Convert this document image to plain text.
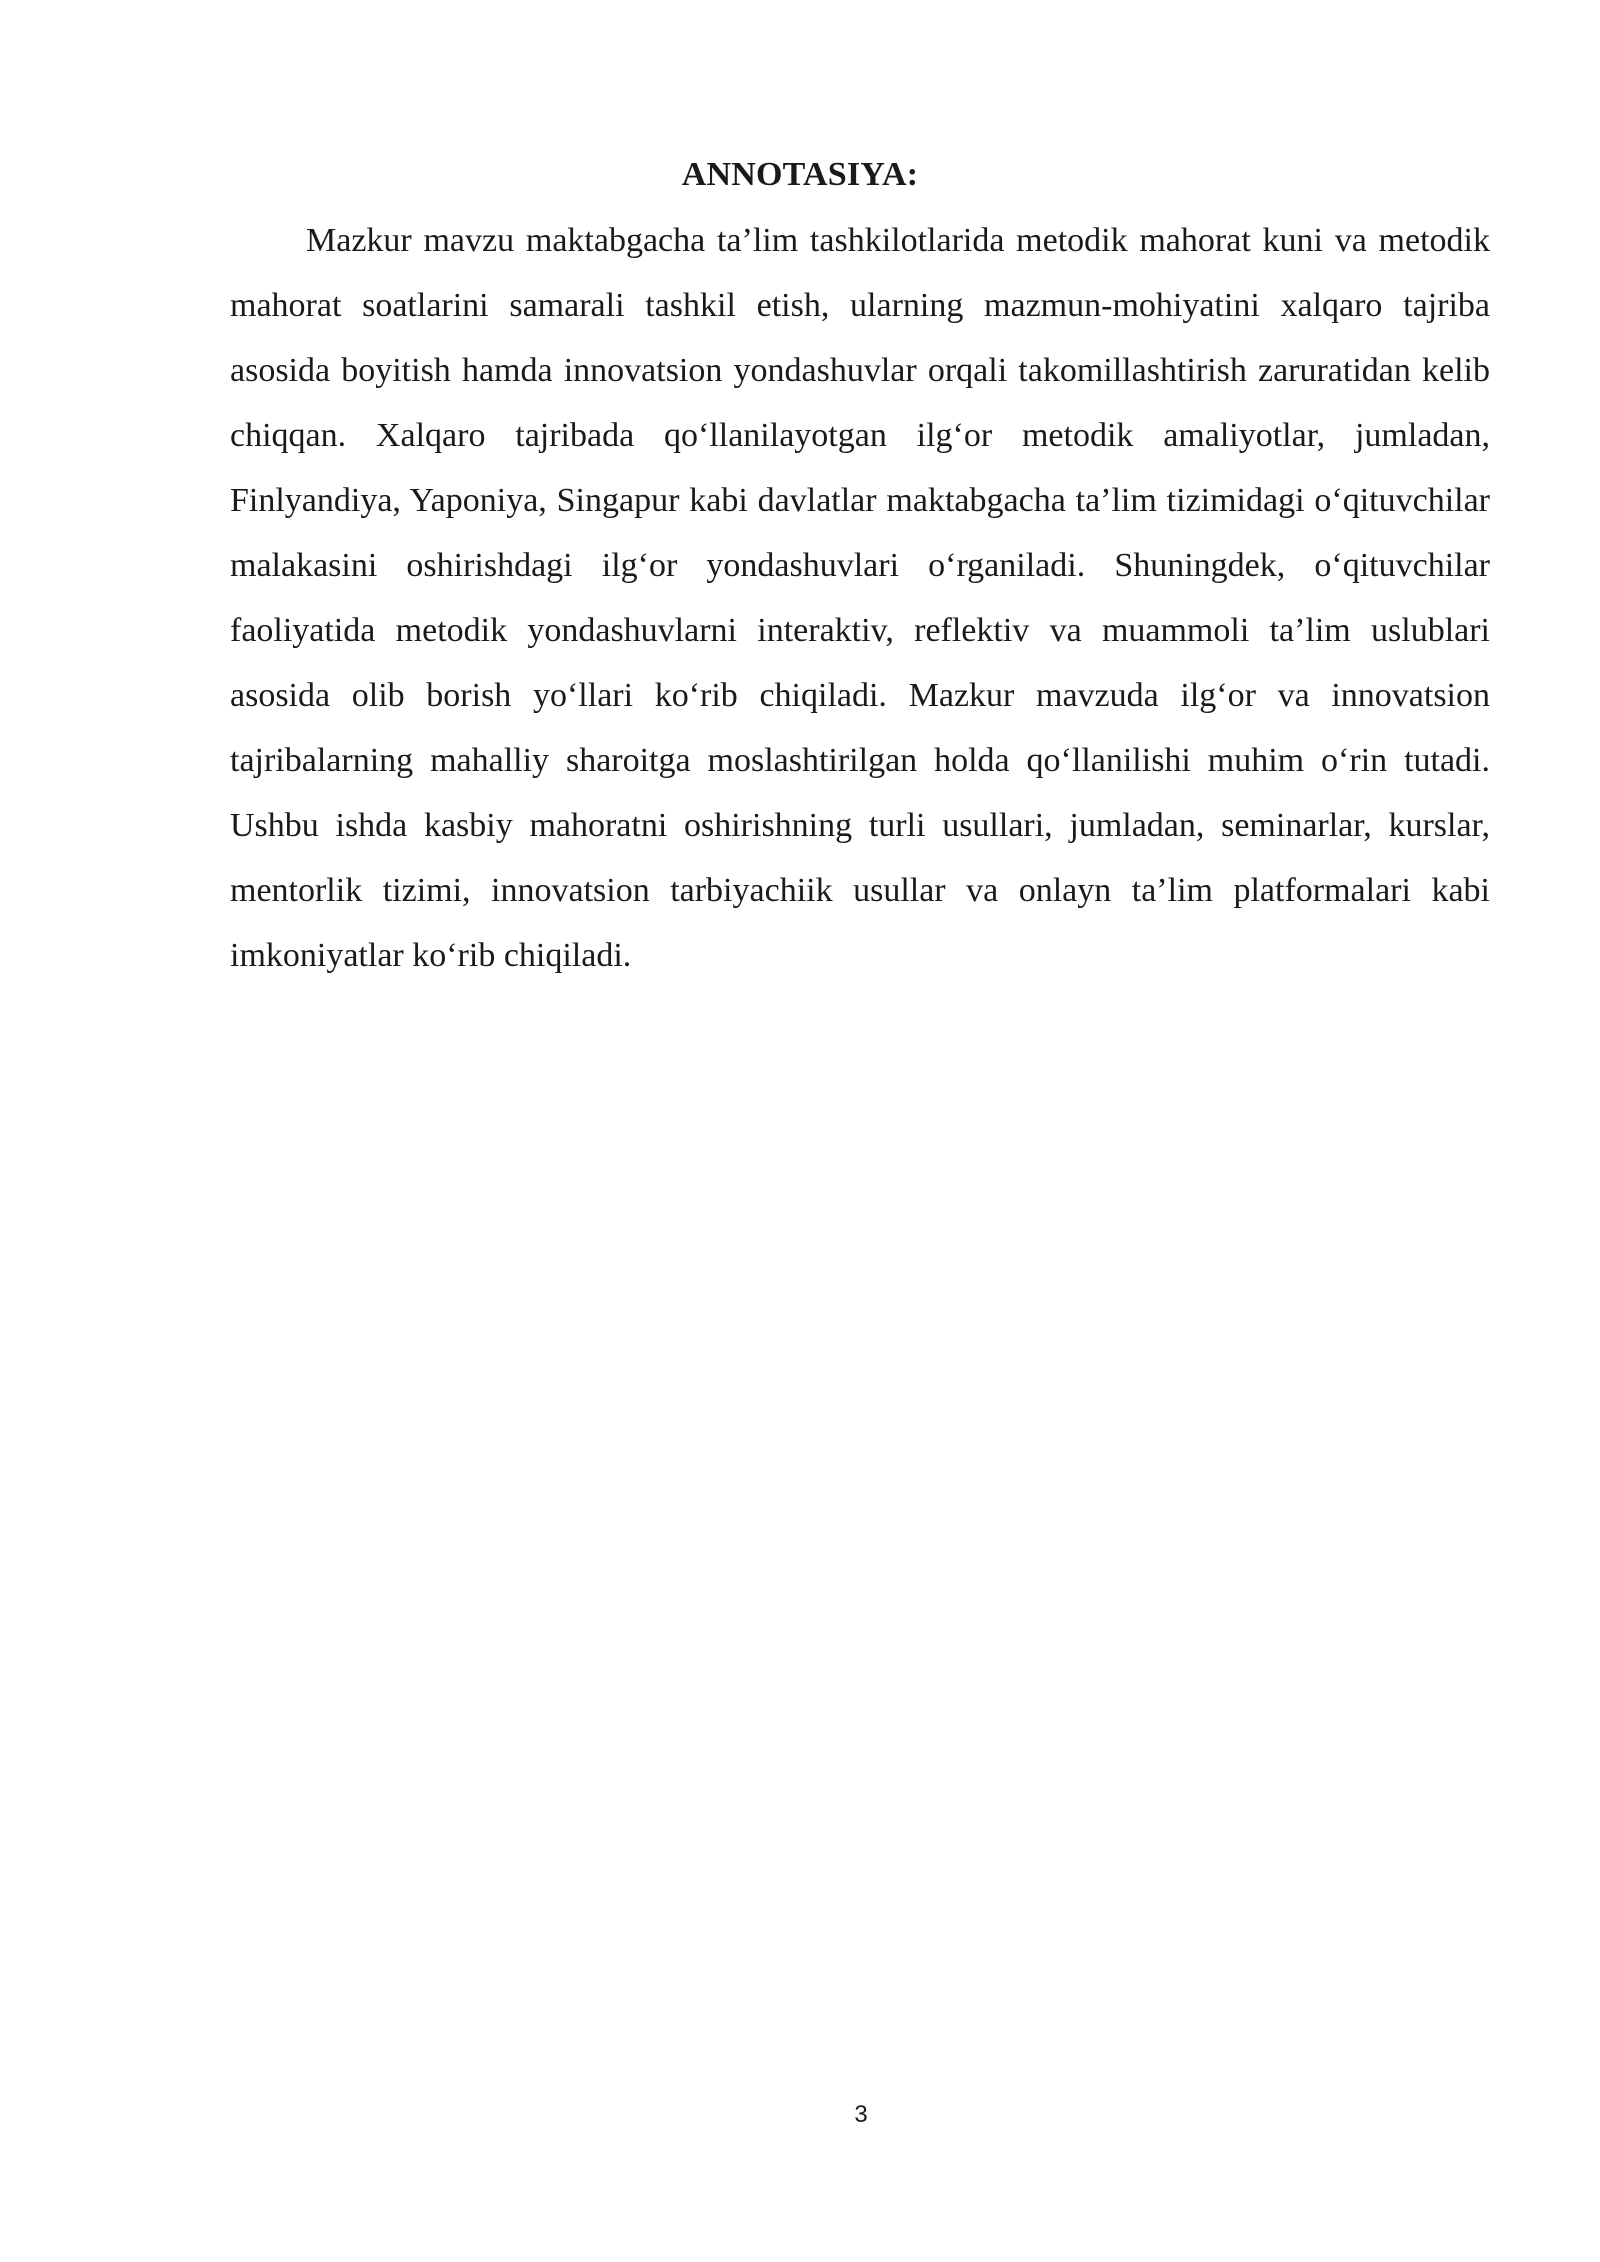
ANNOTASIYA:

Mazkur mavzu maktabgacha ta’lim tashkilotlarida metodik mahorat kuni va metodik mahorat soatlarini samarali tashkil etish, ularning mazmun-mohiyatini xalqaro tajriba asosida boyitish hamda innovatsion yondashuvlar orqali takomillashtirish zaruratidan kelib chiqqan. Xalqaro tajribada qo‘llanilayotgan ilg‘or metodik amaliyotlar, jumladan, Finlyandiya, Yaponiya, Singapur kabi davlatlar maktabgacha ta’lim tizimidagi o‘qituvchilar malakasini oshirishdagi ilg‘or yondashuvlari o‘rganiladi. Shuningdek, o‘qituvchilar faoliyatida metodik yondashuvlarni interaktiv, reflektiv va muammoli ta’lim uslublari asosida olib borish yo‘llari ko‘rib chiqiladi. Mazkur mavzuda ilg‘or va innovatsion tajribalarning mahalliy sharoitga moslashtirilgan holda qo‘llanilishi muhim o‘rin tutadi. Ushbu ishda kasbiy mahoratni oshirishning turli usullari, jumladan, seminarlar, kurslar, mentorlik tizimi, innovatsion tarbiyachiik usullar va onlayn ta’lim platformalari kabi imkoniyatlar ko‘rib chiqiladi.

3
